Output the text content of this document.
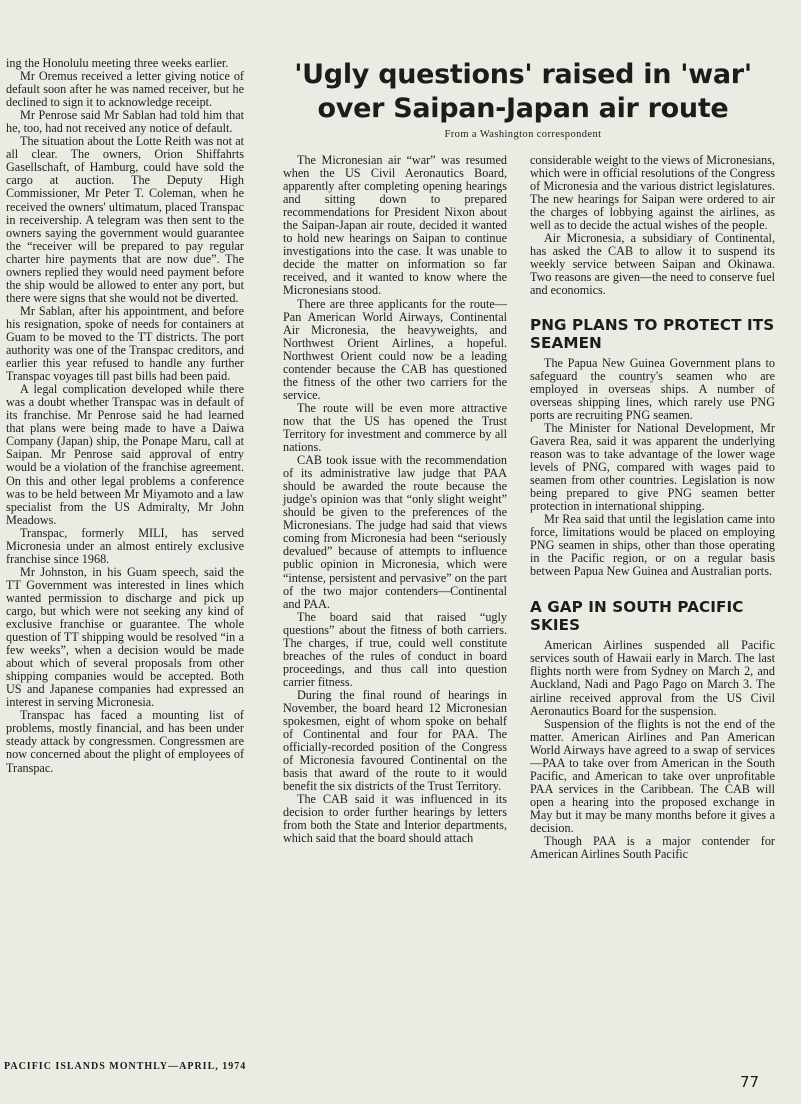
ing the Honolulu meeting three weeks earlier.

Mr Oremus received a letter giving notice of default soon after he was named receiver, but he declined to sign it to acknowledge receipt.

Mr Penrose said Mr Sablan had told him that he, too, had not received any notice of default.

The situation about the Lotte Reith was not at all clear. The owners, Orion Shiffahrts Gasellschaft, of Hamburg, could have sold the cargo at auction. The Deputy High Commissioner, Mr Peter T. Coleman, when he received the owners' ultimatum, placed Transpac in receivership. A telegram was then sent to the owners saying the government would guarantee the “receiver will be prepared to pay regular charter hire payments that are now due”. The owners replied they would need payment before the ship would be allowed to enter any port, but there were signs that she would not be diverted.

Mr Sablan, after his appointment, and before his resignation, spoke of needs for containers at Guam to be moved to the TT districts. The port authority was one of the Transpac creditors, and earlier this year refused to handle any further Transpac voyages till past bills had been paid.

A legal complication developed while there was a doubt whether Transpac was in default of its franchise. Mr Penrose said he had learned that plans were being made to have a Daiwa Company (Japan) ship, the Ponape Maru, call at Saipan. Mr Penrose said approval of entry would be a violation of the franchise agreement. On this and other legal problems a conference was to be held between Mr Miyamoto and a law specialist from the US Admiralty, Mr John Meadows.

Transpac, formerly MILI, has served Micronesia under an almost entirely exclusive franchise since 1968.

Mr Johnston, in his Guam speech, said the TT Government was interested in lines which wanted permission to discharge and pick up cargo, but which were not seeking any kind of exclusive franchise or guarantee. The whole question of TT shipping would be resolved “in a few weeks”, when a decision would be made about which of several proposals from other shipping companies would be accepted. Both US and Japanese companies had expressed an interest in serving Micronesia.

Transpac has faced a mounting list of problems, mostly financial, and has been under steady attack by congressmen. Congressmen are now concerned about the plight of employees of Transpac.

'Ugly questions' raised in 'war'
over Saipan-Japan air route

From a Washington correspondent

The Micronesian air “war” was resumed when the US Civil Aeronautics Board, apparently after completing opening hearings and sitting down to prepared recommendations for President Nixon about the Saipan-Japan air route, decided it wanted to hold new hearings on Saipan to continue investigations into the case. It was unable to decide the matter on information so far received, and it wanted to know where the Micronesians stood.

There are three applicants for the route—Pan American World Airways, Continental Air Micronesia, the heavyweights, and Northwest Orient Airlines, a hopeful. Northwest Orient could now be a leading contender because the CAB has questioned the fitness of the other two carriers for the service.

The route will be even more attractive now that the US has opened the Trust Territory for investment and commerce by all nations.

CAB took issue with the recommendation of its administrative law judge that PAA should be awarded the route because the judge's opinion was that “only slight weight” should be given to the preferences of the Micronesians. The judge had said that views coming from Micronesia had been “seriously devalued” because of attempts to influence public opinion in Micronesia, which were “intense, persistent and pervasive” on the part of the two major contenders—Continental and PAA.

The board said that raised “ugly questions” about the fitness of both carriers. The charges, if true, could well constitute breaches of the rules of conduct in board proceedings, and thus call into question carrier fitness.

During the final round of hearings in November, the board heard 12 Micronesian spokesmen, eight of whom spoke on behalf of Continental and four for PAA. The officially-recorded position of the Congress of Micronesia favoured Continental on the basis that award of the route to it would benefit the six districts of the Trust Territory.

The CAB said it was influenced in its decision to order further hearings by letters from both the State and Interior departments, which said that the board should attach

considerable weight to the views of Micronesians, which were in official resolutions of the Congress of Micronesia and the various district legislatures. The new hearings for Saipan were ordered to air the charges of lobbying against the airlines, as well as to decide the actual wishes of the people.

Air Micronesia, a subsidiary of Continental, has asked the CAB to allow it to suspend its weekly service between Saipan and Okinawa. Two reasons are given—the need to conserve fuel and economics.

PNG PLANS TO PROTECT ITS SEAMEN

The Papua New Guinea Government plans to safeguard the country's seamen who are employed in overseas ships. A number of overseas shipping lines, which rarely use PNG ports are recruiting PNG seamen.

The Minister for National Development, Mr Gavera Rea, said it was apparent the underlying reason was to take advantage of the lower wage levels of PNG, compared with wages paid to seamen from other countries. Legislation is now being prepared to give PNG seamen better protection in international shipping.

Mr Rea said that until the legislation came into force, limitations would be placed on employing PNG seamen in ships, other than those operating in the Pacific region, or on a regular basis between Papua New Guinea and Australian ports.

A GAP IN SOUTH PACIFIC SKIES

American Airlines suspended all Pacific services south of Hawaii early in March. The last flights north were from Sydney on March 2, and Auckland, Nadi and Pago Pago on March 3. The airline received approval from the US Civil Aeronautics Board for the suspension.

Suspension of the flights is not the end of the matter. American Airlines and Pan American World Airways have agreed to a swap of services—PAA to take over from American in the South Pacific, and American to take over unprofitable PAA services in the Caribbean. The CAB will open a hearing into the proposed exchange in May but it may be many months before it gives a decision.

Though PAA is a major contender for American Airlines South Pacific

PACIFIC ISLANDS MONTHLY—APRIL, 1974

77
